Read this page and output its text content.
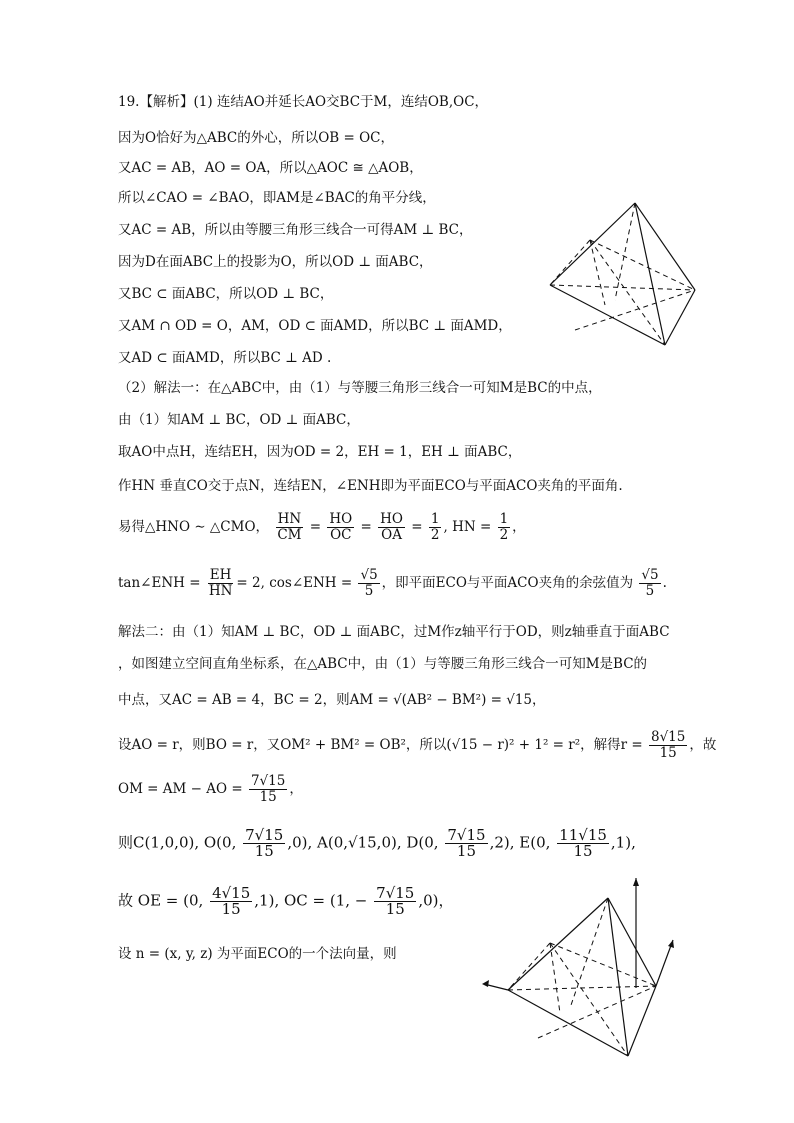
19.【解析】(1) 连结AO并延长AO交BC于M，连结OB,OC，
因为O恰好为△ABC的外心，所以OB = OC，
又AC = AB，AO = OA，所以△AOC ≅ △AOB，
所以∠CAO = ∠BAO，即AM是∠BAC的角平分线，
又AC = AB，所以由等腰三角形三线合一可得AM ⊥ BC，
因为D在面ABC上的投影为O，所以OD ⊥ 面ABC，
又BC ⊂ 面ABC，所以OD ⊥ BC，
又AM ∩ OD = O，AM，OD ⊂ 面AMD，所以BC ⊥ 面AMD，
又AD ⊂ 面AMD，所以BC ⊥ AD .
（2）解法一：在△ABC中，由（1）与等腰三角形三线合一可知M是BC的中点，
由（1）知AM ⊥ BC，OD ⊥ 面ABC，
取AO中点H，连结EH，因为OD = 2，EH = 1，EH ⊥ 面ABC，
作HN 垂直CO交于点N，连结EN，∠ENH即为平面ECO与平面ACO夹角的平面角.
易得△HNO ∼ △CMO， $\frac{HN}{CM} = \frac{HO}{OC} = \frac{HO}{OA} = \frac{1}{2}$ , HN = $\frac{1}{2}$ ，
tan∠ENH = $\frac{EH}{HN} = 2$, cos∠ENH = $\frac{√5}{5}$ ，即平面ECO与平面ACO夹角的余弦值为 $\frac{√5}{5}$ .
解法二：由（1）知AM ⊥ BC，OD ⊥ 面ABC，过M作z轴平行于OD，则z轴垂直于面ABC
，如图建立空间直角坐标系，在△ABC中，由（1）与等腰三角形三线合一可知M是BC的
中点，又AC = AB = 4，BC = 2，则AM = √(AB² − BM²) = √15，
设AO = r，则BO = r，又OM² + BM² = OB²，所以(√15 − r)² + 1² = r²，解得$r = \frac{8√15}{15}$ ，故
OM = AM − AO = $\frac{7√15}{15}$ ，
则C(1,0,0), O(0, $\frac{7√15}{15} ,0$), A(0,√15,0), D(0, $\frac{7√15}{15} ,2$), E(0, $\frac{11√15}{15} ,1$),
故 OE = (0, $\frac{4√15}{15} ,1$), OC = (1, − $\frac{7√15}{15} ,0$)，
设 n = (x, y, z) 为平面ECO的一个法向量，则
